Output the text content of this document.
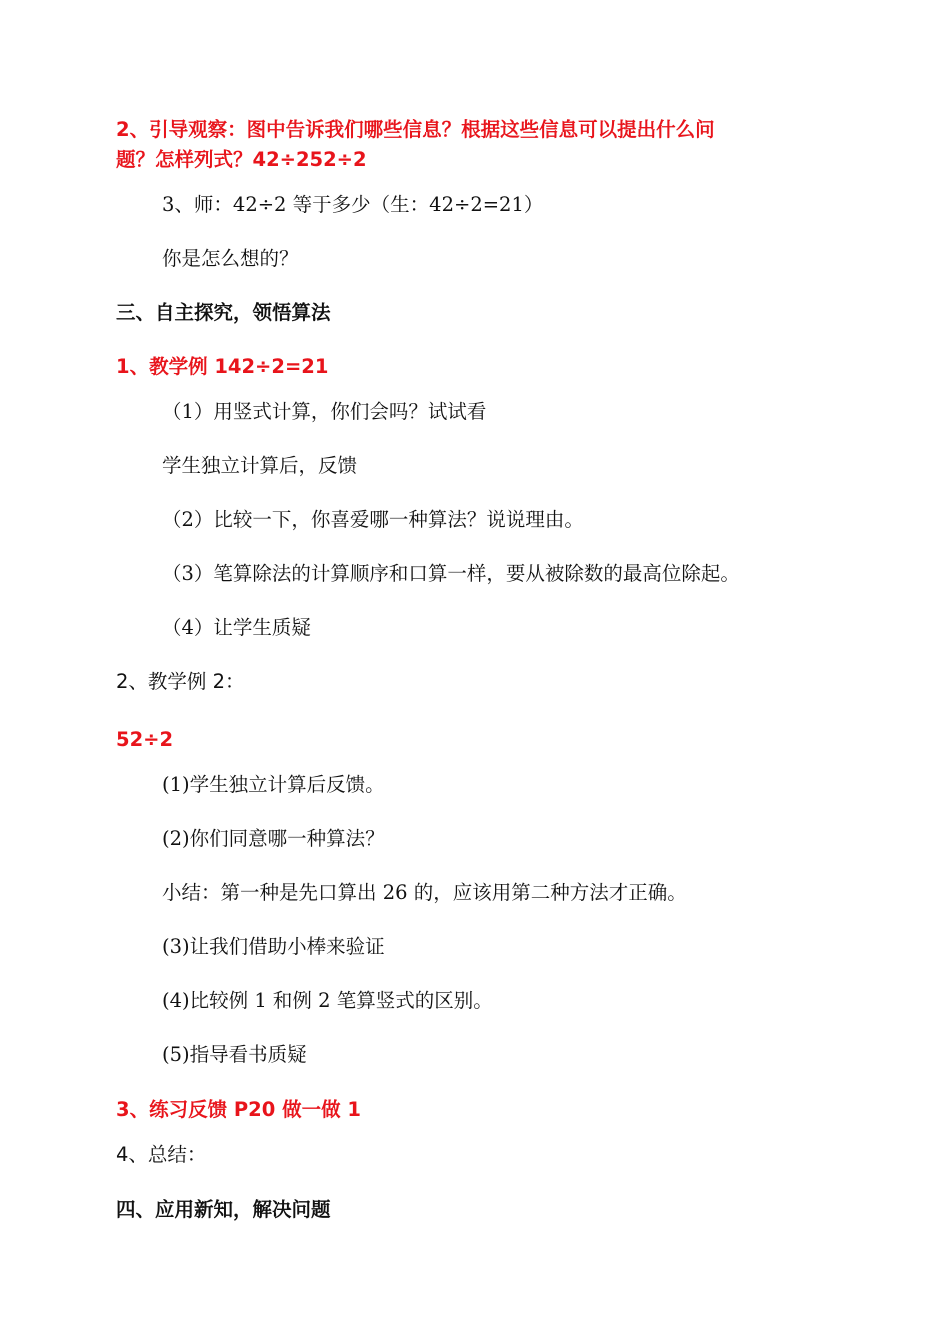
2、引导观察：图中告诉我们哪些信息？根据这些信息可以提出什么问
题？怎样列式？42÷252÷2
3、师：42÷2 等于多少（生：42÷2=21）
你是怎么想的？
三、自主探究，领悟算法
1、教学例 142÷2=21
（1）用竖式计算，你们会吗？试试看
学生独立计算后，反馈
（2）比较一下，你喜爱哪一种算法？说说理由。
（3）笔算除法的计算顺序和口算一样，要从被除数的最高位除起。
（4）让学生质疑
2、教学例 2：
52÷2
(1)学生独立计算后反馈。
(2)你们同意哪一种算法？
小结：第一种是先口算出 26 的，应该用第二种方法才正确。
(3)让我们借助小棒来验证
(4)比较例 1 和例 2 笔算竖式的区别。
(5)指导看书质疑
3、练习反馈 P20 做一做 1
4、总结：
四、应用新知，解决问题
